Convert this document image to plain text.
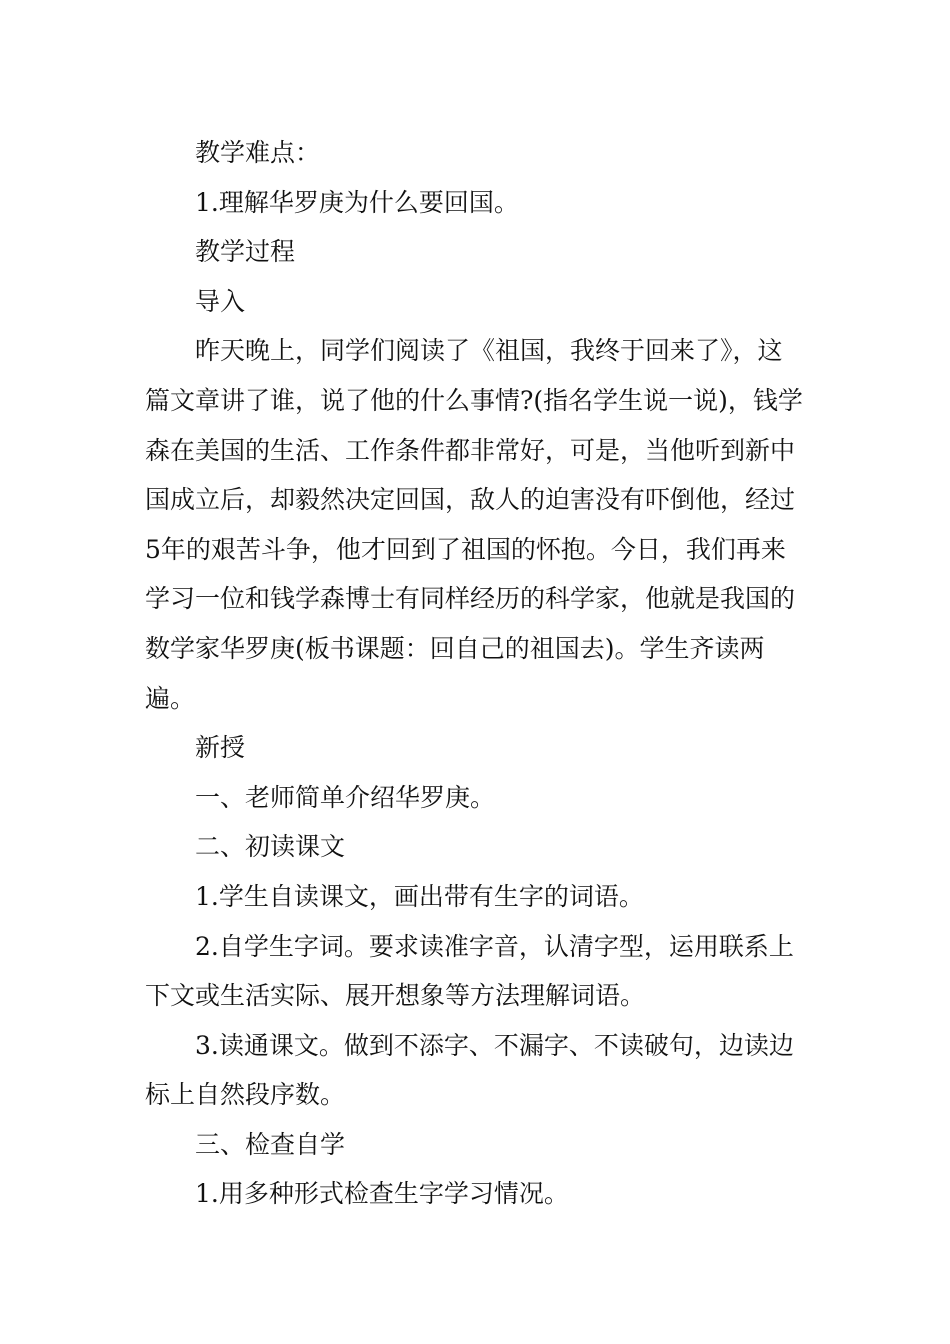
教学难点：

1.理解华罗庚为什么要回国。

教学过程

导入

昨天晚上，同学们阅读了《祖国，我终于回来了》，这篇文章讲了谁，说了他的什么事情?(指名学生说一说)，钱学森在美国的生活、工作条件都非常好，可是，当他听到新中国成立后，却毅然决定回国，敌人的迫害没有吓倒他，经过5年的艰苦斗争，他才回到了祖国的怀抱。今日，我们再来学习一位和钱学森博士有同样经历的科学家，他就是我国的数学家华罗庚(板书课题：回自己的祖国去)。学生齐读两遍。

新授

一、老师简单介绍华罗庚。

二、初读课文

1.学生自读课文，画出带有生字的词语。

2.自学生字词。要求读准字音，认清字型，运用联系上下文或生活实际、展开想象等方法理解词语。

3.读通课文。做到不添字、不漏字、不读破句，边读边标上自然段序数。

三、检查自学

1.用多种形式检查生字学习情况。
